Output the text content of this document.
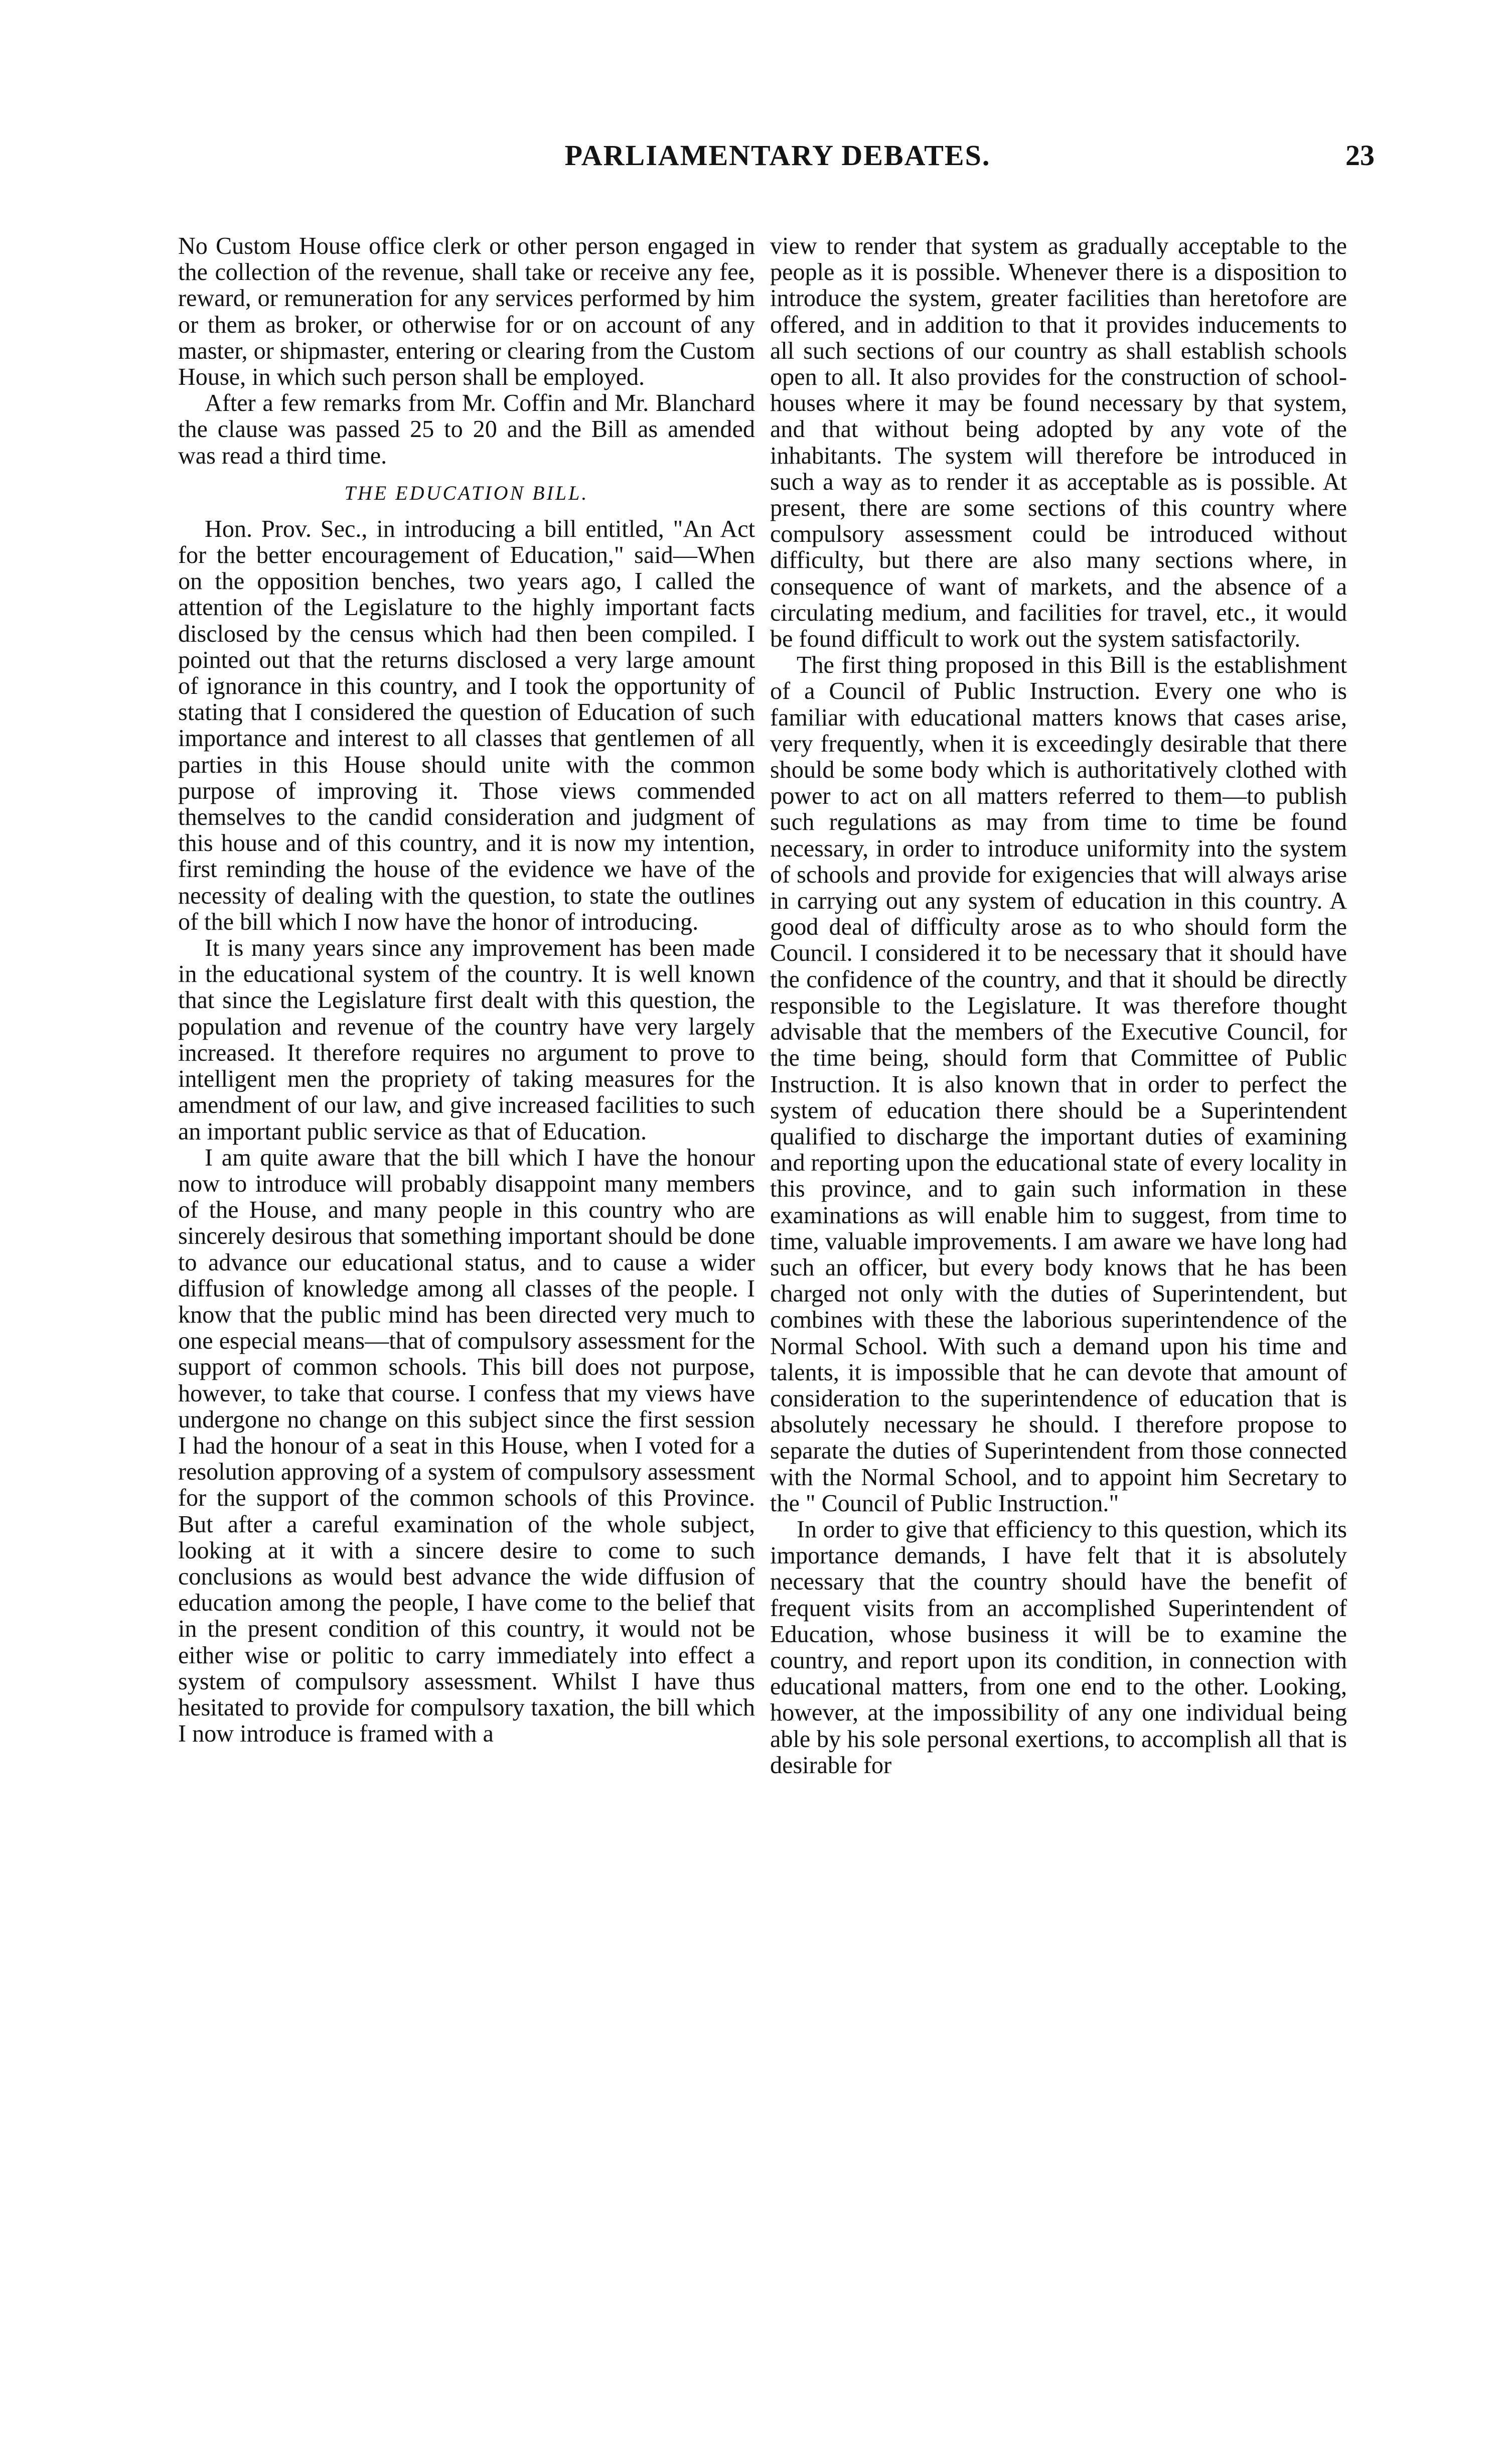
PARLIAMENTARY DEBATES.	23

No Custom House office clerk or other person engaged in the collection of the revenue, shall take or receive any fee, reward, or remuneration for any services performed by him or them as broker, or otherwise for or on account of any master, or shipmaster, entering or clearing from the Custom House, in which such person shall be employed.

After a few remarks from Mr. Coffin and Mr. Blanchard the clause was passed 25 to 20 and the Bill as amended was read a third time.

THE EDUCATION BILL.

Hon. Prov. Sec., in introducing a bill entitled, "An Act for the better encouragement of Education," said—When on the opposition benches, two years ago, I called the attention of the Legislature to the highly important facts disclosed by the census which had then been compiled. I pointed out that the returns disclosed a very large amount of ignorance in this country, and I took the opportunity of stating that I considered the question of Education of such importance and interest to all classes that gentlemen of all parties in this House should unite with the common purpose of improving it. Those views commended themselves to the candid consideration and judgment of this house and of this country, and it is now my intention, first reminding the house of the evidence we have of the necessity of dealing with the question, to state the outlines of the bill which I now have the honor of introducing.

It is many years since any improvement has been made in the educational system of the country. It is well known that since the Legislature first dealt with this question, the population and revenue of the country have very largely increased. It therefore requires no argument to prove to intelligent men the propriety of taking measures for the amendment of our law, and give increased facilities to such an important public service as that of Education.

I am quite aware that the bill which I have the honour now to introduce will probably disappoint many members of the House, and many people in this country who are sincerely desirous that something important should be done to advance our educational status, and to cause a wider diffusion of knowledge among all classes of the people. I know that the public mind has been directed very much to one especial means—that of compulsory assessment for the support of common schools. This bill does not purpose, however, to take that course. I confess that my views have undergone no change on this subject since the first session I had the honour of a seat in this House, when I voted for a resolution approving of a system of compulsory assessment for the support of the common schools of this Province. But after a careful examination of the whole subject, looking at it with a sincere desire to come to such conclusions as would best advance the wide diffusion of education among the people, I have come to the belief that in the present condition of this country, it would not be either wise or politic to carry immediately into effect a system of compulsory assessment. Whilst I have thus hesitated to provide for compulsory taxation, the bill which I now introduce is framed with a

view to render that system as gradually acceptable to the people as it is possible. Whenever there is a disposition to introduce the system, greater facilities than heretofore are offered, and in addition to that it provides inducements to all such sections of our country as shall establish schools open to all. It also provides for the construction of school-houses where it may be found necessary by that system, and that without being adopted by any vote of the inhabitants. The system will therefore be introduced in such a way as to render it as acceptable as is possible. At present, there are some sections of this country where compulsory assessment could be introduced without difficulty, but there are also many sections where, in consequence of want of markets, and the absence of a circulating medium, and facilities for travel, etc., it would be found difficult to work out the system satisfactorily.

The first thing proposed in this Bill is the establishment of a Council of Public Instruction. Every one who is familiar with educational matters knows that cases arise, very frequently, when it is exceedingly desirable that there should be some body which is authoritatively clothed with power to act on all matters referred to them—to publish such regulations as may from time to time be found necessary, in order to introduce uniformity into the system of schools and provide for exigencies that will always arise in carrying out any system of education in this country. A good deal of difficulty arose as to who should form the Council. I considered it to be necessary that it should have the confidence of the country, and that it should be directly responsible to the Legislature. It was therefore thought advisable that the members of the Executive Council, for the time being, should form that Committee of Public Instruction. It is also known that in order to perfect the system of education there should be a Superintendent qualified to discharge the important duties of examining and reporting upon the educational state of every locality in this province, and to gain such information in these examinations as will enable him to suggest, from time to time, valuable improvements. I am aware we have long had such an officer, but every body knows that he has been charged not only with the duties of Superintendent, but combines with these the laborious superintendence of the Normal School. With such a demand upon his time and talents, it is impossible that he can devote that amount of consideration to the superintendence of education that is absolutely necessary he should. I therefore propose to separate the duties of Superintendent from those connected with the Normal School, and to appoint him Secretary to the " Council of Public Instruction."

In order to give that efficiency to this question, which its importance demands, I have felt that it is absolutely necessary that the country should have the benefit of frequent visits from an accomplished Superintendent of Education, whose business it will be to examine the country, and report upon its condition, in connection with educational matters, from one end to the other. Looking, however, at the impossibility of any one individual being able by his sole personal exertions, to accomplish all that is desirable for
